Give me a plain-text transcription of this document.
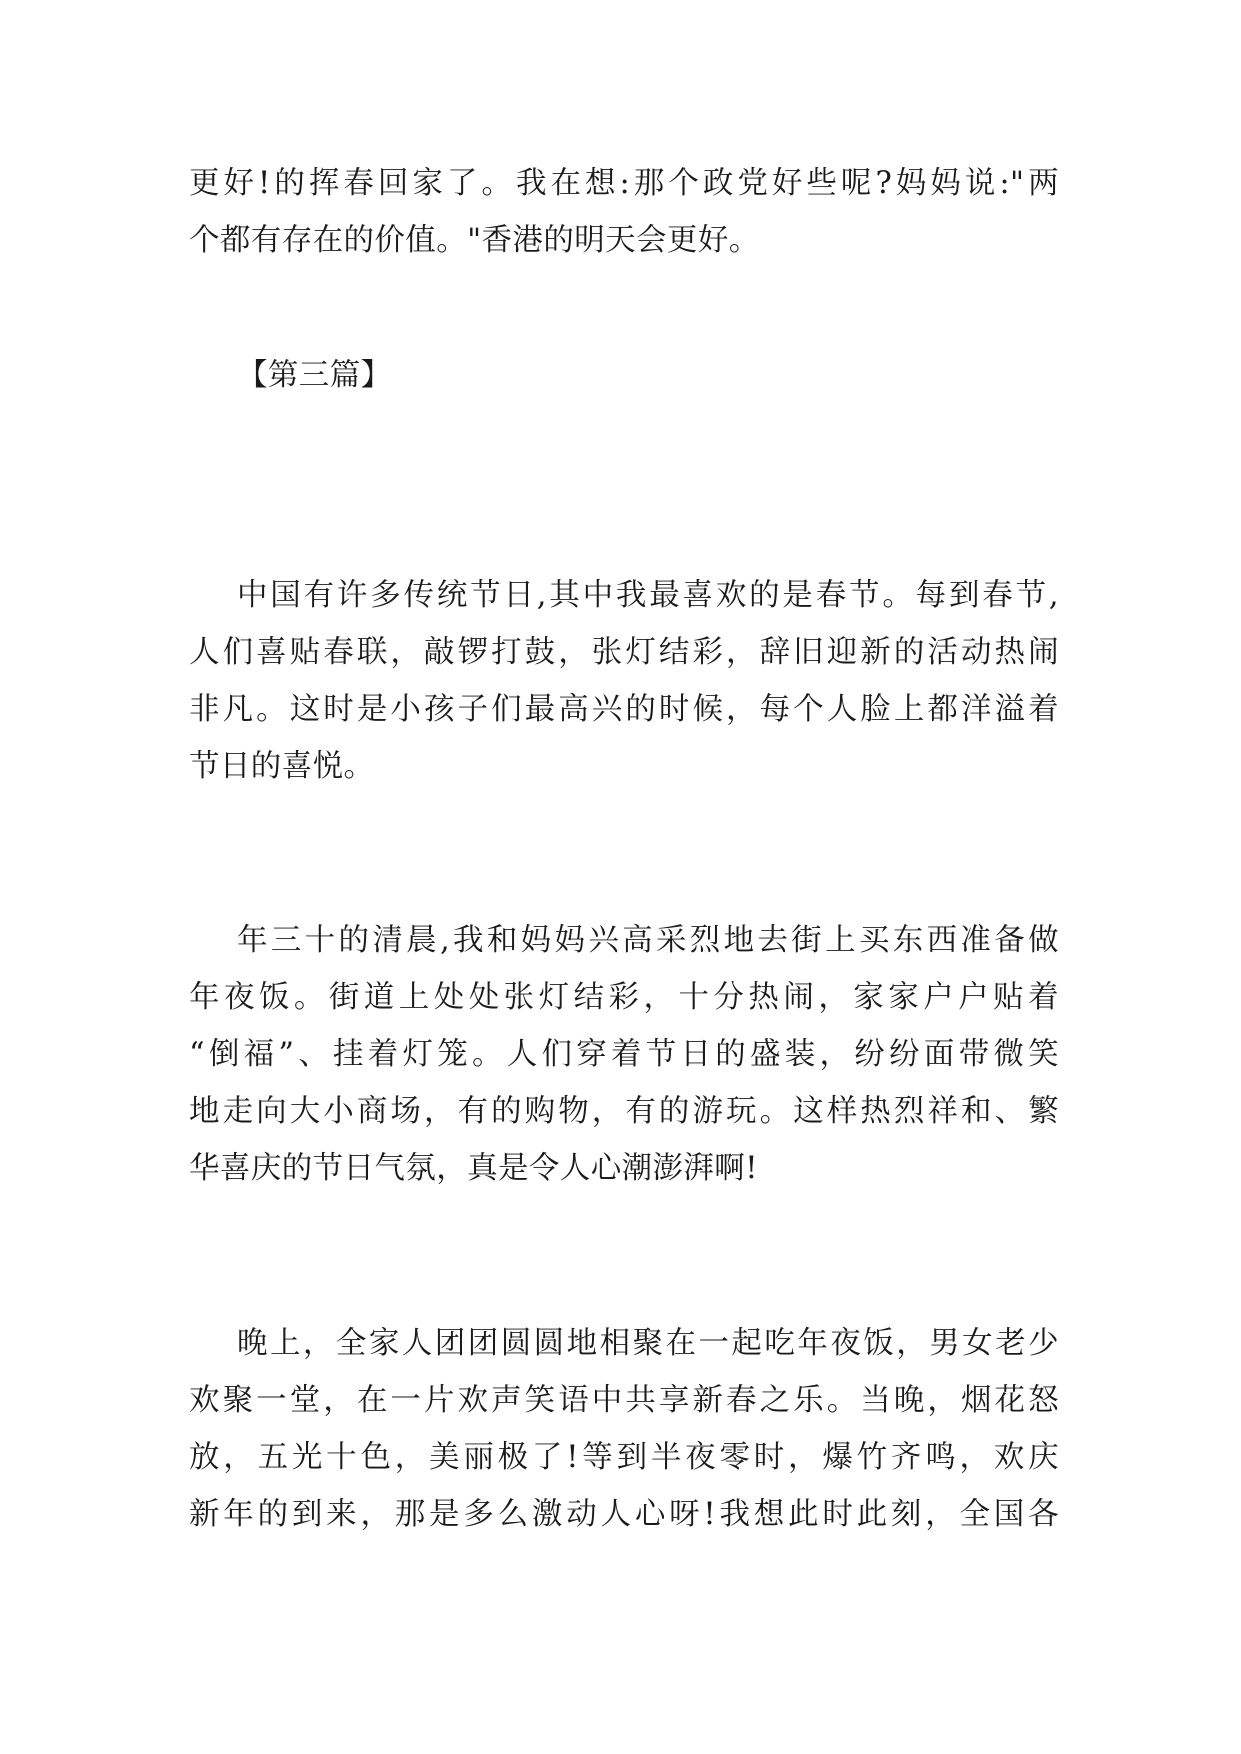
更好!的挥春回家了。我在想:那个政党好些呢?妈妈说:"两
个都有存在的价值。"香港的明天会更好。
【第三篇】
中国有许多传统节日,其中我最喜欢的是春节。每到春节,
人们喜贴春联，敲锣打鼓，张灯结彩，辞旧迎新的活动热闹
非凡。这时是小孩子们最高兴的时候，每个人脸上都洋溢着
节日的喜悦。
年三十的清晨,我和妈妈兴高采烈地去街上买东西准备做
年夜饭。街道上处处张灯结彩，十分热闹，家家户户贴着
“倒福”、挂着灯笼。人们穿着节日的盛装，纷纷面带微笑
地走向大小商场，有的购物，有的游玩。这样热烈祥和、繁
华喜庆的节日气氛，真是令人心潮澎湃啊!
晚上，全家人团团圆圆地相聚在一起吃年夜饭，男女老少
欢聚一堂，在一片欢声笑语中共享新春之乐。当晚，烟花怒
放，五光十色，美丽极了!等到半夜零时，爆竹齐鸣，欢庆
新年的到来，那是多么激动人心呀!我想此时此刻，全国各
